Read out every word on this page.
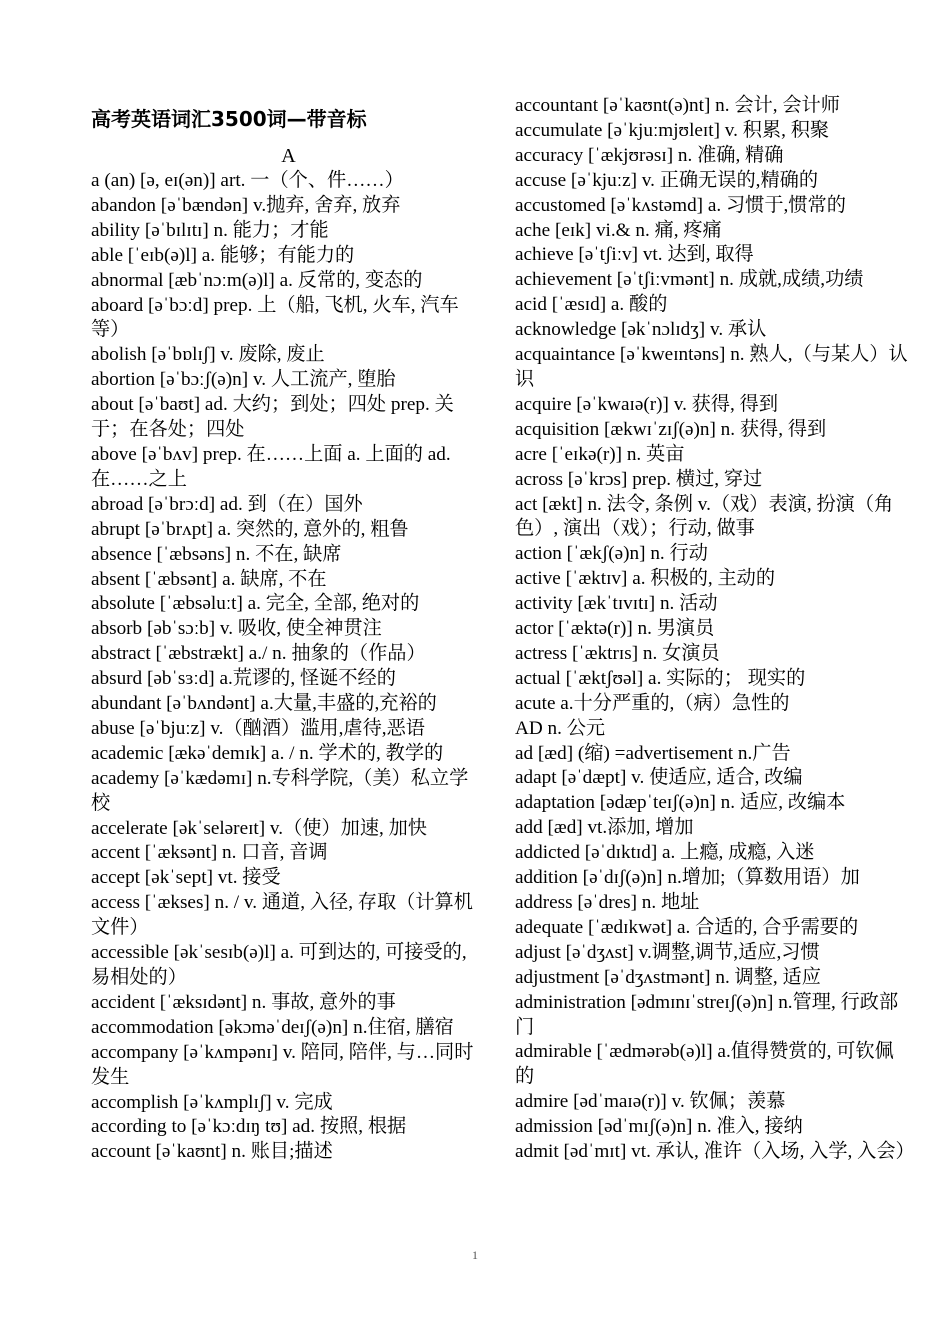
高考英语词汇3500词—带音标
A

a (an) [ə, eɪ(ən)] art. 一（个、件……）

abandon [əˈbændən] v.抛弃, 舍弃, 放弃

ability [əˈbɪlɪtɪ] n. 能力；才能

able [ˈeɪb(ə)l] a. 能够；有能力的

abnormal [æbˈnɔːm(ə)l] a. 反常的, 变态的

aboard [əˈbɔːd] prep. 上（船, 飞机, 火车, 汽车等）

abolish [əˈbɒlɪʃ] v. 废除, 废止

abortion [əˈbɔːʃ(ə)n] v. 人工流产, 堕胎

about [əˈbaʊt] ad. 大约；到处；四处 prep. 关于；在各处；四处

above [əˈbʌv] prep. 在……上面 a. 上面的 ad. 在……之上

abroad [əˈbrɔːd] ad. 到（在）国外

abrupt [əˈbrʌpt] a. 突然的, 意外的, 粗鲁

absence [ˈæbsəns] n. 不在, 缺席

absent [ˈæbsənt] a. 缺席, 不在

absolute [ˈæbsəluːt] a. 完全, 全部, 绝对的

absorb [əbˈsɔːb] v. 吸收, 使全神贯注

abstract [ˈæbstrækt] a./ n. 抽象的（作品）

absurd [əbˈsɜːd] a.荒谬的, 怪诞不经的

abundant [əˈbʌndənt] a.大量,丰盛的,充裕的

abuse [əˈbjuːz] v.（酗酒）滥用,虐待,恶语

academic [ækəˈdemɪk] a. / n. 学术的, 教学的

academy [əˈkædəmɪ] n.专科学院,（美）私立学校

accelerate [əkˈseləreɪt] v.（使）加速, 加快

accent [ˈæksənt] n. 口音, 音调

accept [əkˈsept] vt. 接受

access [ˈækses] n. / v. 通道, 入径, 存取（计算机文件）

accessible [əkˈsesɪb(ə)l] a. 可到达的, 可接受的, 易相处的）

accident [ˈæksɪdənt] n. 事故, 意外的事

accommodation [əkɔməˈdeɪʃ(ə)n] n.住宿, 膳宿

accompany [əˈkʌmpənɪ] v. 陪同, 陪伴, 与…同时发生

accomplish [əˈkʌmplɪʃ] v. 完成

according to [əˈkɔːdɪŋ tʊ] ad. 按照, 根据

account [əˈkaʊnt] n. 账目;描述

accountant [əˈkaʊnt(ə)nt] n. 会计, 会计师

accumulate [əˈkjuːmjʊleɪt] v. 积累, 积聚

accuracy [ˈækjʊrəsɪ] n. 准确, 精确

accuse [əˈkjuːz] v. 正确无误的,精确的

accustomed [əˈkʌstəmd] a. 习惯于,惯常的

ache [eɪk] vi.& n. 痛, 疼痛

achieve [əˈtʃiːv] vt. 达到, 取得

achievement [əˈtʃiːvmənt] n. 成就,成绩,功绩

acid [ˈæsɪd] a. 酸的

acknowledge [əkˈnɔlɪdʒ] v. 承认

acquaintance [əˈkweɪntəns] n. 熟人,（与某人）认识

acquire [əˈkwaɪə(r)] v. 获得, 得到

acquisition [ækwɪˈzɪʃ(ə)n] n. 获得, 得到

acre [ˈeɪkə(r)] n. 英亩

across [əˈkrɔs] prep. 横过, 穿过

act [ækt] n. 法令, 条例 v.（戏）表演, 扮演（角色）, 演出（戏）；行动, 做事

action [ˈækʃ(ə)n] n. 行动

active [ˈæktɪv] a. 积极的, 主动的

activity [ækˈtɪvɪtɪ] n. 活动

actor [ˈæktə(r)] n. 男演员

actress [ˈæktrɪs] n. 女演员

actual [ˈæktʃʊəl] a. 实际的； 现实的

acute a.十分严重的,（病）急性的

AD n. 公元

ad [æd] (缩) =advertisement n.广告

adapt [əˈdæpt] v. 使适应, 适合, 改编

adaptation [ədæpˈteɪʃ(ə)n] n. 适应, 改编本

add [æd] vt.添加, 增加

addicted [əˈdɪktɪd] a. 上瘾, 成瘾, 入迷

addition [əˈdɪʃ(ə)n] n.增加;（算数用语）加

address [əˈdres] n. 地址

adequate [ˈædɪkwət] a. 合适的, 合乎需要的

adjust [əˈdʒʌst] v.调整,调节,适应,习惯

adjustment [əˈdʒʌstmənt] n. 调整, 适应

administration [ədmɪnɪˈstreɪʃ(ə)n] n.管理, 行政部门

admirable [ˈædmərəb(ə)l] a.值得赞赏的, 可钦佩的

admire [ədˈmaɪə(r)] v. 钦佩；羡慕

admission [ədˈmɪʃ(ə)n] n. 准入, 接纳

admit [ədˈmɪt] vt. 承认, 准许（入场, 入学, 入会）

1
